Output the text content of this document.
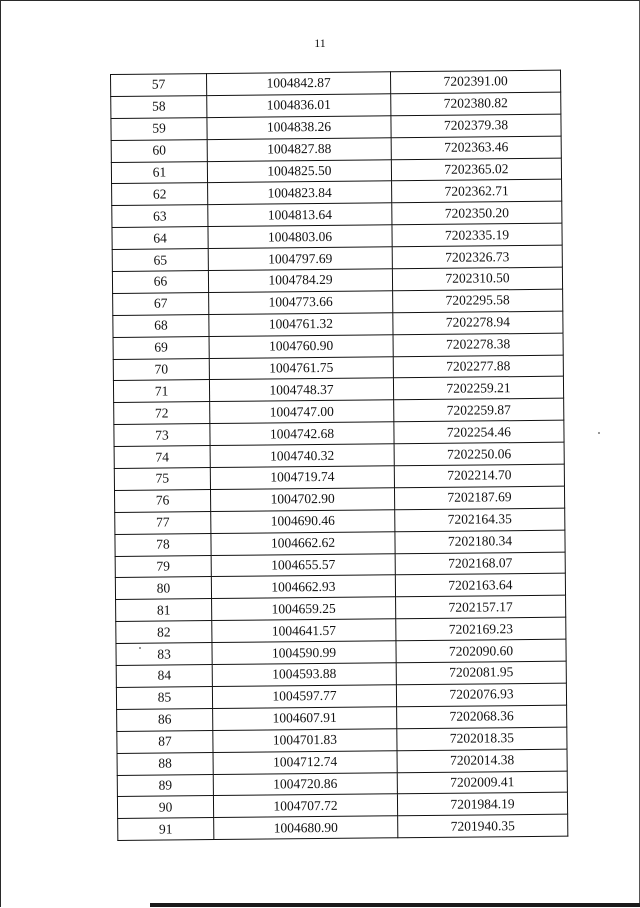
11
57	1004842.87	7202391.00
58	1004836.01	7202380.82
59	1004838.26	7202379.38
60	1004827.88	7202363.46
61	1004825.50	7202365.02
62	1004823.84	7202362.71
63	1004813.64	7202350.20
64	1004803.06	7202335.19
65	1004797.69	7202326.73
66	1004784.29	7202310.50
67	1004773.66	7202295.58
68	1004761.32	7202278.94
69	1004760.90	7202278.38
70	1004761.75	7202277.88
71	1004748.37	7202259.21
72	1004747.00	7202259.87
73	1004742.68	7202254.46
74	1004740.32	7202250.06
75	1004719.74	7202214.70
76	1004702.90	7202187.69
77	1004690.46	7202164.35
78	1004662.62	7202180.34
79	1004655.57	7202168.07
80	1004662.93	7202163.64
81	1004659.25	7202157.17
82	1004641.57	7202169.23
83	1004590.99	7202090.60
84	1004593.88	7202081.95
85	1004597.77	7202076.93
86	1004607.91	7202068.36
87	1004701.83	7202018.35
88	1004712.74	7202014.38
89	1004720.86	7202009.41
90	1004707.72	7201984.19
91	1004680.90	7201940.35
